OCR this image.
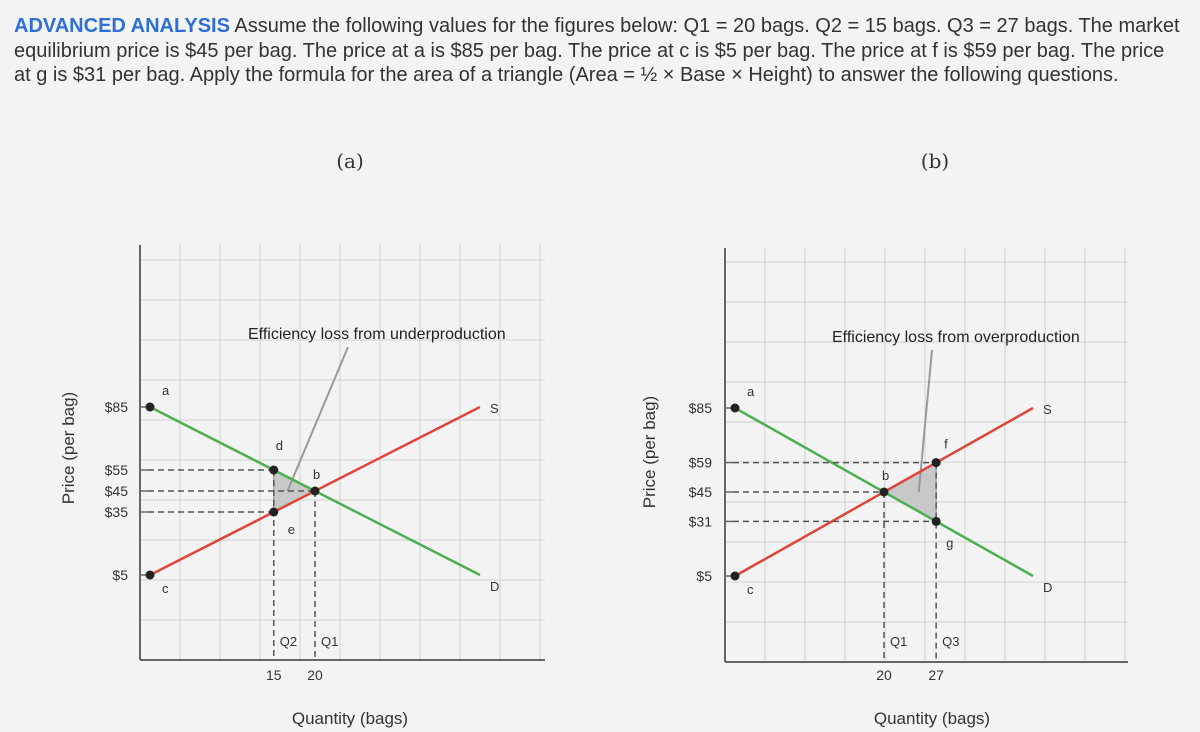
ADVANCED ANALYSIS Assume the following values for the figures below: Q1 = 20 bags. Q2 = 15 bags. Q3 = 27 bags. The market equilibrium price is $45 per bag. The price at a is $85 per bag. The price at c is $5 per bag. The price at f is $59 per bag. The price at g is $31 per bag. Apply the formula for the area of a triangle (Area = ½ × Base × Height) to answer the following questions.
(a)
Efficiency loss from underproduction
Quantity (bags)
Price (per bag)
D
S
$85
$55
$45
$35
$5
15
Q2
20
Q1
a
c
d
e
b
(b)
Efficiency loss from overproduction
Quantity (bags)
Price (per bag)
D
S
$85
$59
$45
$31
$5
20
Q1
27
Q3
a
c
b
f
g
